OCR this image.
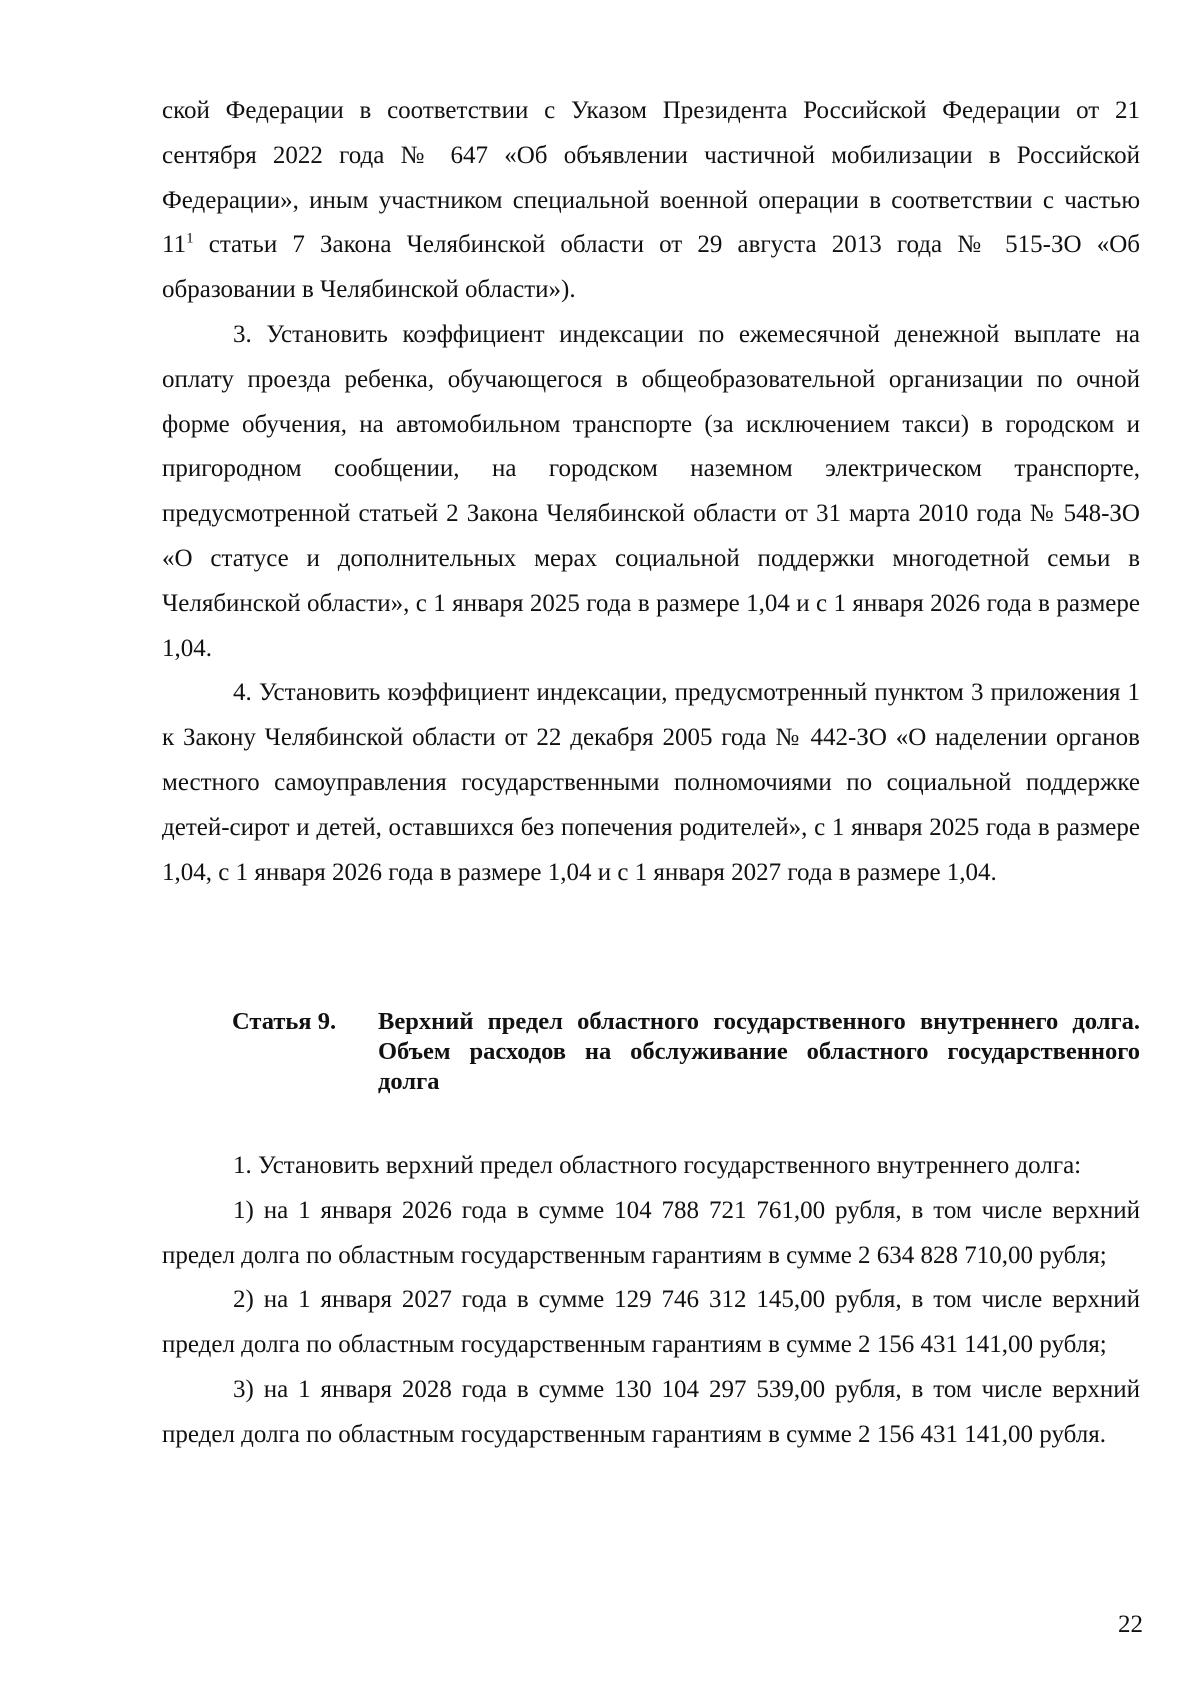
ской Федерации в соответствии с Указом Президента Российской Федерации от 21 сентября 2022 года № 647 «Об объявлении частичной мобилизации в Российской Федерации», иным участником специальной военной операции в соответствии с частью $11^1$ статьи 7 Закона Челябинской области от 29 августа 2013 года № 515-ЗО «Об образовании в Челябинской области»).

3. Установить коэффициент индексации по ежемесячной денежной выплате на оплату проезда ребенка, обучающегося в общеобразовательной организации по очной форме обучения, на автомобильном транспорте (за исключением такси) в городском и пригородном сообщении, на городском наземном электрическом транспорте, предусмотренной статьей 2 Закона Челябинской области от 31 марта 2010 года № 548-ЗО «О статусе и дополнительных мерах социальной поддержки многодетной семьи в Челябинской области», с 1 января 2025 года в размере 1,04 и с 1 января 2026 года в размере 1,04.

4. Установить коэффициент индексации, предусмотренный пунктом 3 приложения 1 к Закону Челябинской области от 22 декабря 2005 года № 442-ЗО «О наделении органов местного самоуправления государственными полномочиями по социальной поддержке детей-сирот и детей, оставшихся без попечения родителей», с 1 января 2025 года в размере 1,04, с 1 января 2026 года в размере 1,04 и с 1 января 2027 года в размере 1,04.

Статья 9.	Верхний предел областного государственного внутреннего долга. Объем расходов на обслуживание областного государственного долга

1. Установить верхний предел областного государственного внутреннего долга:

1) на 1 января 2026 года в сумме 104 788 721 761,00 рубля, в том числе верхний предел долга по областным государственным гарантиям в сумме 2 634 828 710,00 рубля;

2) на 1 января 2027 года в сумме 129 746 312 145,00 рубля, в том числе верхний предел долга по областным государственным гарантиям в сумме 2 156 431 141,00 рубля;

3) на 1 января 2028 года в сумме 130 104 297 539,00 рубля, в том числе верхний предел долга по областным государственным гарантиям в сумме 2 156 431 141,00 рубля.

22
